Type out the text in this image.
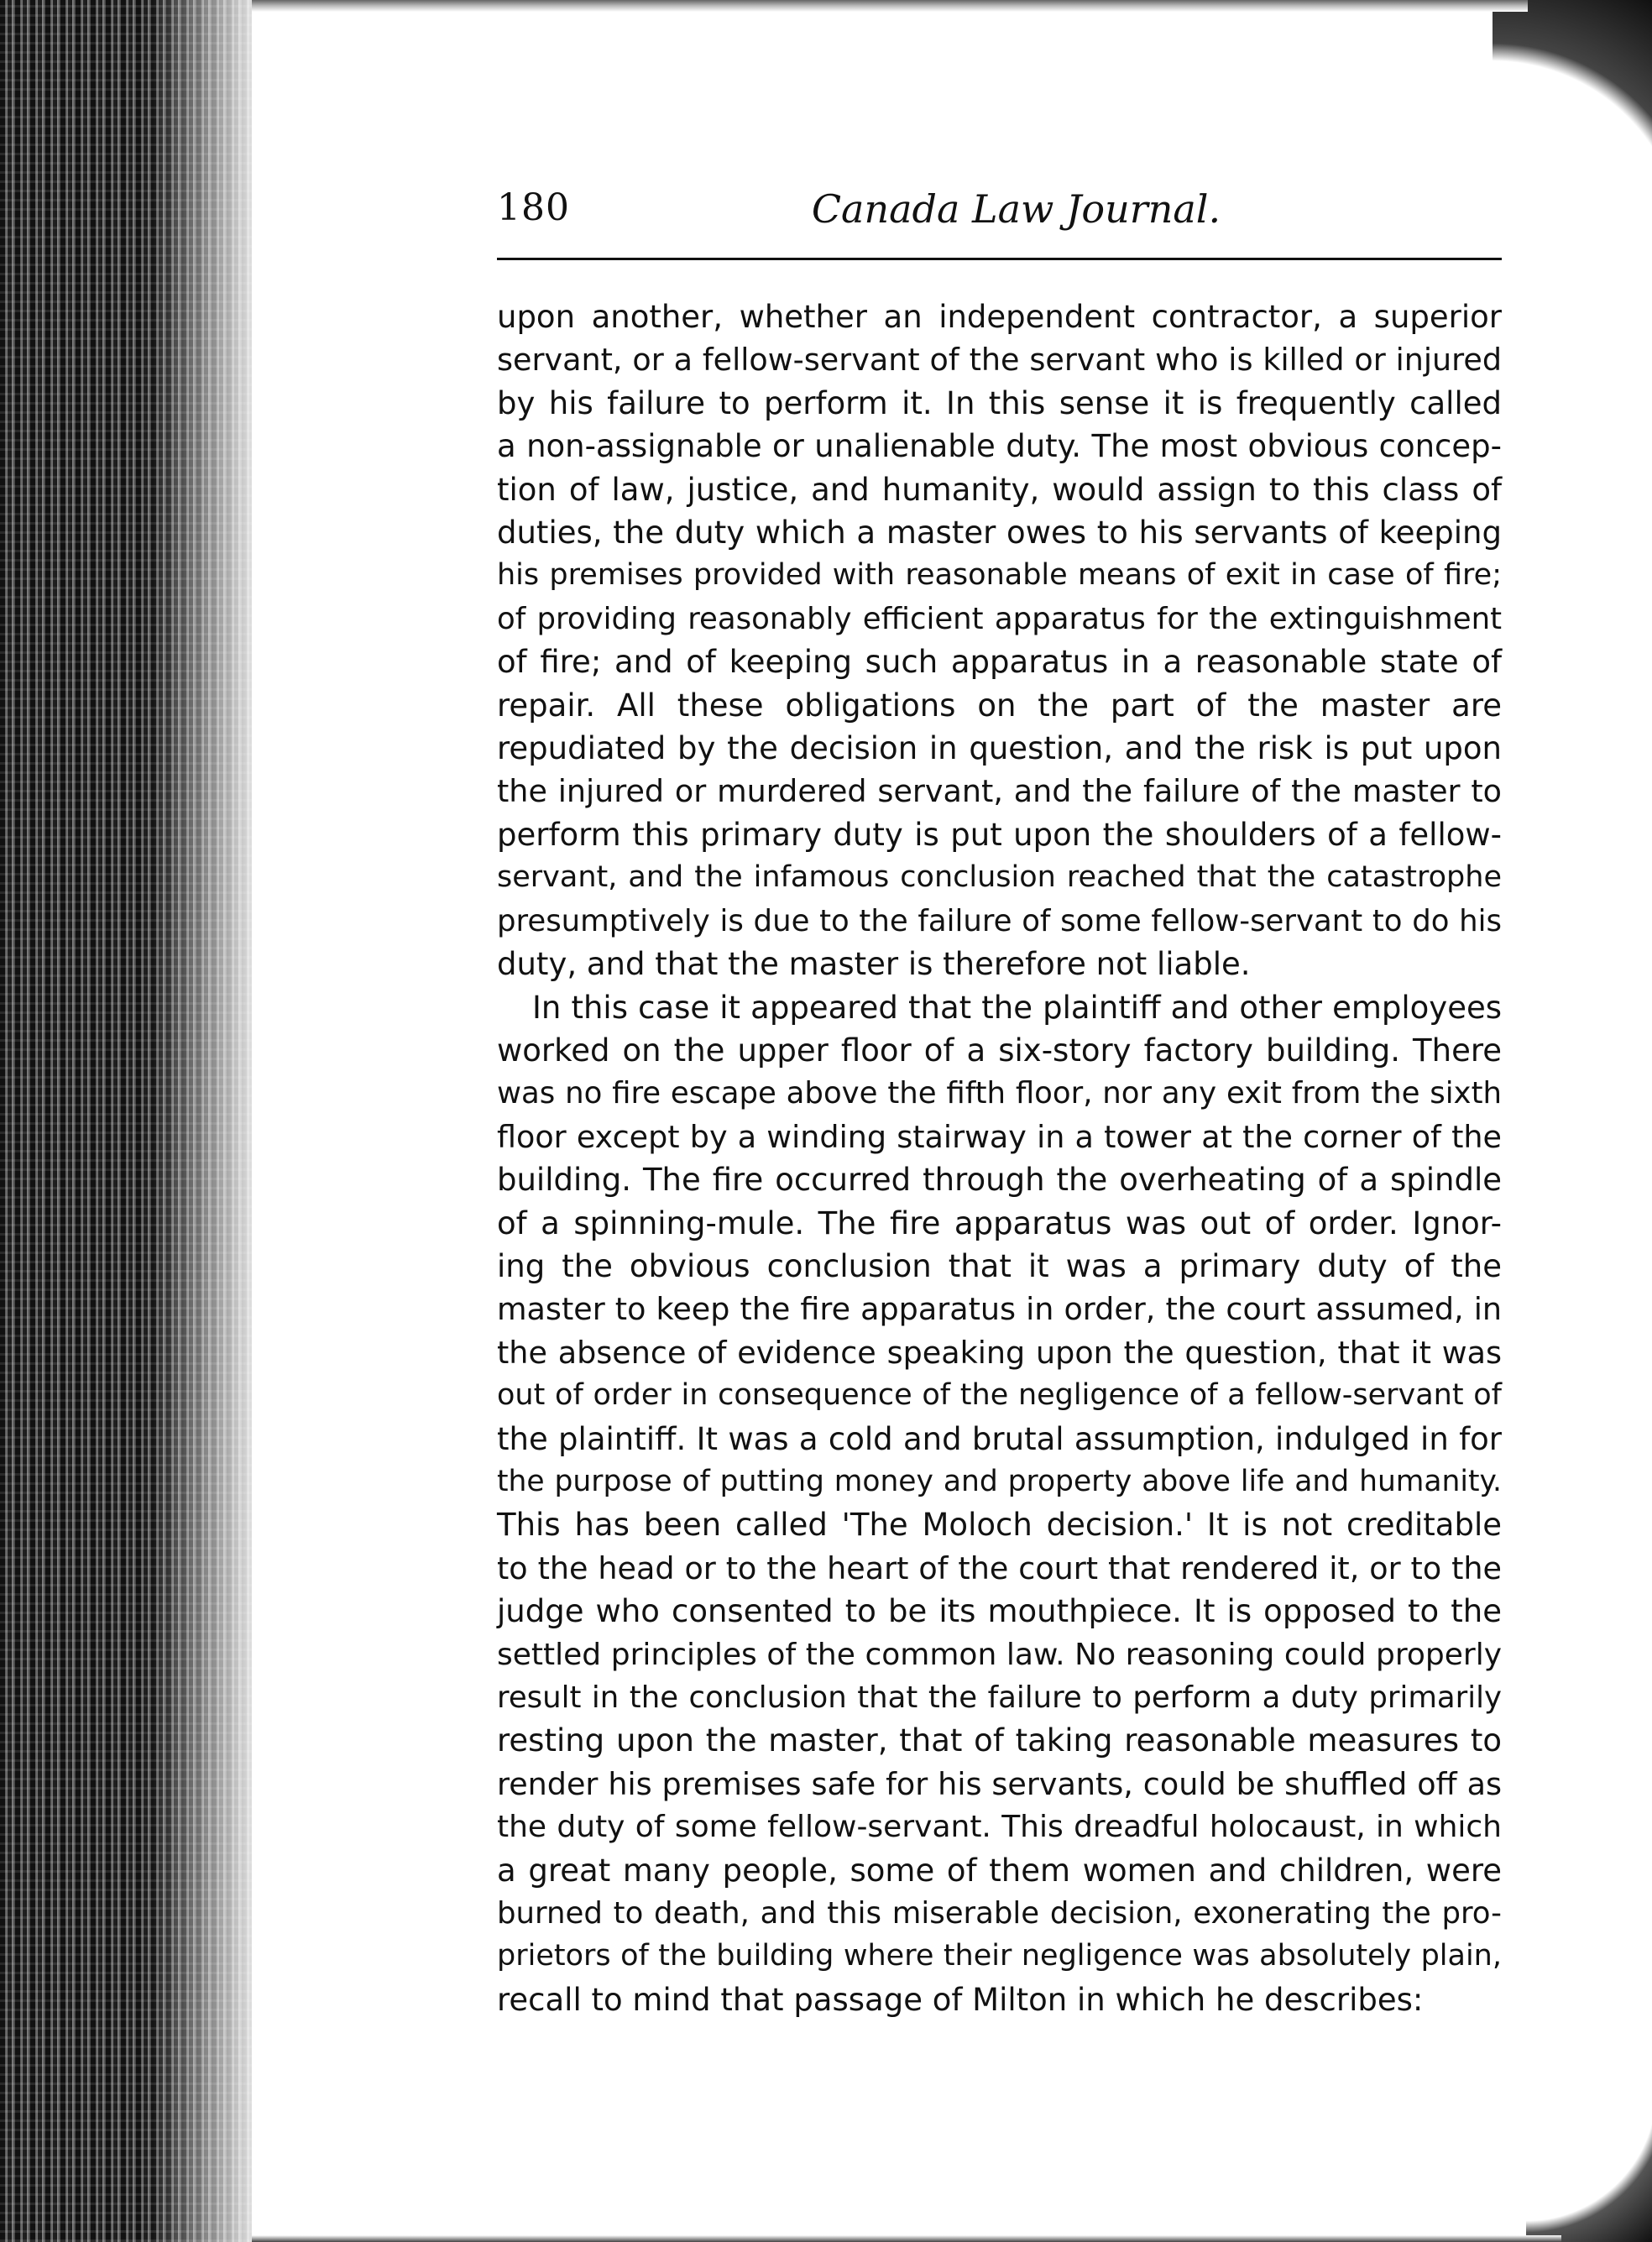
180	Canada Law Journal.
upon another, whether an independent contractor, a superior
servant, or a fellow-servant of the servant who is killed or injured
by his failure to perform it. In this sense it is frequently called
a non-assignable or unalienable duty. The most obvious concep-
tion of law, justice, and humanity, would assign to this class of
duties, the duty which a master owes to his servants of keeping
his premises provided with reasonable means of exit in case of fire;
of providing reasonably efficient apparatus for the extinguishment
of fire; and of keeping such apparatus in a reasonable state of
repair. All these obligations on the part of the master are
repudiated by the decision in question, and the risk is put upon
the injured or murdered servant, and the failure of the master to
perform this primary duty is put upon the shoulders of a fellow-
servant, and the infamous conclusion reached that the catastrophe
presumptively is due to the failure of some fellow-servant to do his
duty, and that the master is therefore not liable.
In this case it appeared that the plaintiff and other employees
worked on the upper floor of a six-story factory building. There
was no fire escape above the fifth floor, nor any exit from the sixth
floor except by a winding stairway in a tower at the corner of the
building. The fire occurred through the overheating of a spindle
of a spinning-mule. The fire apparatus was out of order. Ignor-
ing the obvious conclusion that it was a primary duty of the
master to keep the fire apparatus in order, the court assumed, in
the absence of evidence speaking upon the question, that it was
out of order in consequence of the negligence of a fellow-servant of
the plaintiff. It was a cold and brutal assumption, indulged in for
the purpose of putting money and property above life and humanity.
This has been called 'The Moloch decision.' It is not creditable
to the head or to the heart of the court that rendered it, or to the
judge who consented to be its mouthpiece. It is opposed to the
settled principles of the common law. No reasoning could properly
result in the conclusion that the failure to perform a duty primarily
resting upon the master, that of taking reasonable measures to
render his premises safe for his servants, could be shuffled off as
the duty of some fellow-servant. This dreadful holocaust, in which
a great many people, some of them women and children, were
burned to death, and this miserable decision, exonerating the pro-
prietors of the building where their negligence was absolutely plain,
recall to mind that passage of Milton in which he describes:
